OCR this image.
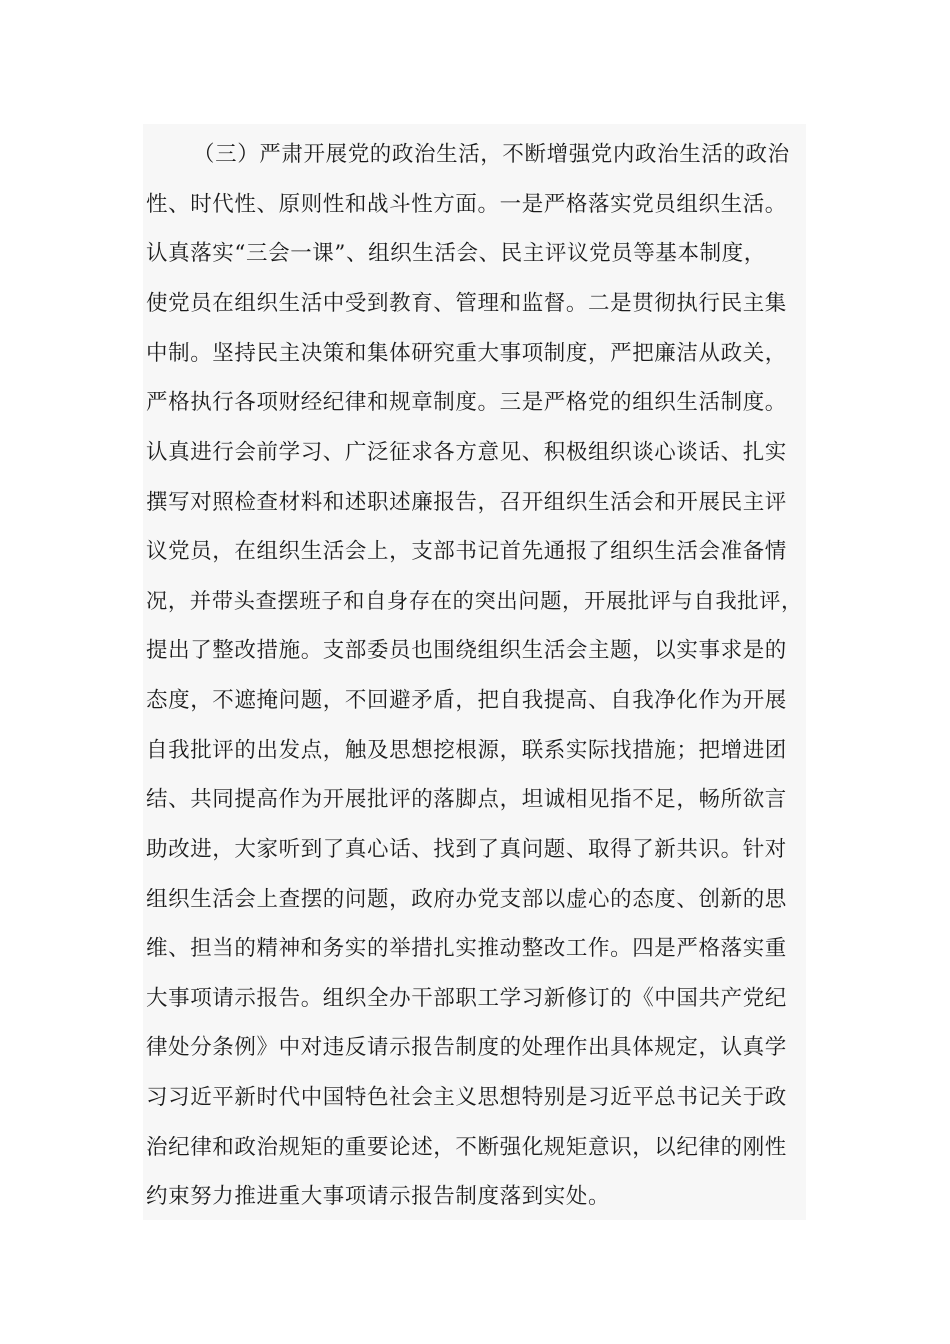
（三）严肃开展党的政治生活，不断增强党内政治生活的政治
性、时代性、原则性和战斗性方面。一是严格落实党员组织生活。
认真落实“三会一课”、组织生活会、民主评议党员等基本制度，
使党员在组织生活中受到教育、管理和监督。二是贯彻执行民主集
中制。坚持民主决策和集体研究重大事项制度，严把廉洁从政关，
严格执行各项财经纪律和规章制度。三是严格党的组织生活制度。
认真进行会前学习、广泛征求各方意见、积极组织谈心谈话、扎实
撰写对照检查材料和述职述廉报告，召开组织生活会和开展民主评
议党员，在组织生活会上，支部书记首先通报了组织生活会准备情
况，并带头查摆班子和自身存在的突出问题，开展批评与自我批评，
提出了整改措施。支部委员也围绕组织生活会主题，以实事求是的
态度，不遮掩问题，不回避矛盾，把自我提高、自我净化作为开展
自我批评的出发点，触及思想挖根源，联系实际找措施；把增进团
结、共同提高作为开展批评的落脚点，坦诚相见指不足，畅所欲言
助改进，大家听到了真心话、找到了真问题、取得了新共识。针对
组织生活会上查摆的问题，政府办党支部以虚心的态度、创新的思
维、担当的精神和务实的举措扎实推动整改工作。四是严格落实重
大事项请示报告。组织全办干部职工学习新修订的《中国共产党纪
律处分条例》中对违反请示报告制度的处理作出具体规定，认真学
习习近平新时代中国特色社会主义思想特别是习近平总书记关于政
治纪律和政治规矩的重要论述，不断强化规矩意识，以纪律的刚性
约束努力推进重大事项请示报告制度落到实处。
